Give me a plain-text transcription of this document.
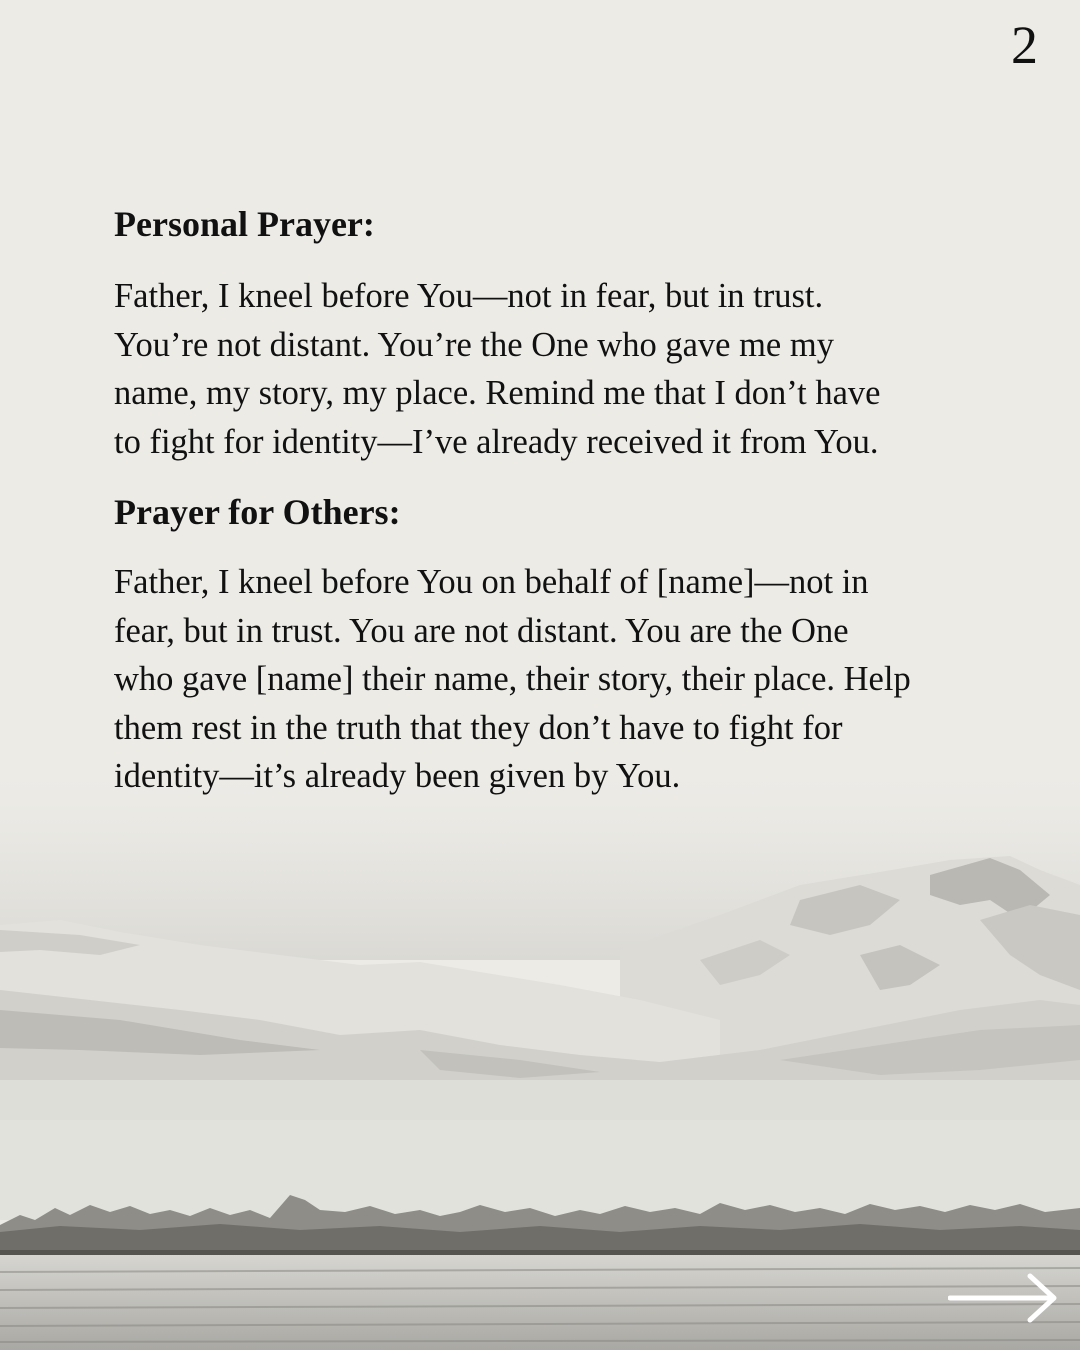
2
Personal Prayer:

Father, I kneel before You—not in fear, but in trust.
You’re not distant. You’re the One who gave me my
name, my story, my place. Remind me that I don’t have
to fight for identity—I’ve already received it from You.

Prayer for Others:

Father, I kneel before You on behalf of [name]—not in
fear, but in trust. You are not distant. You are the One
who gave [name] their name, their story, their place. Help
them rest in the truth that they don’t have to fight for
identity—it’s already been given by You.
